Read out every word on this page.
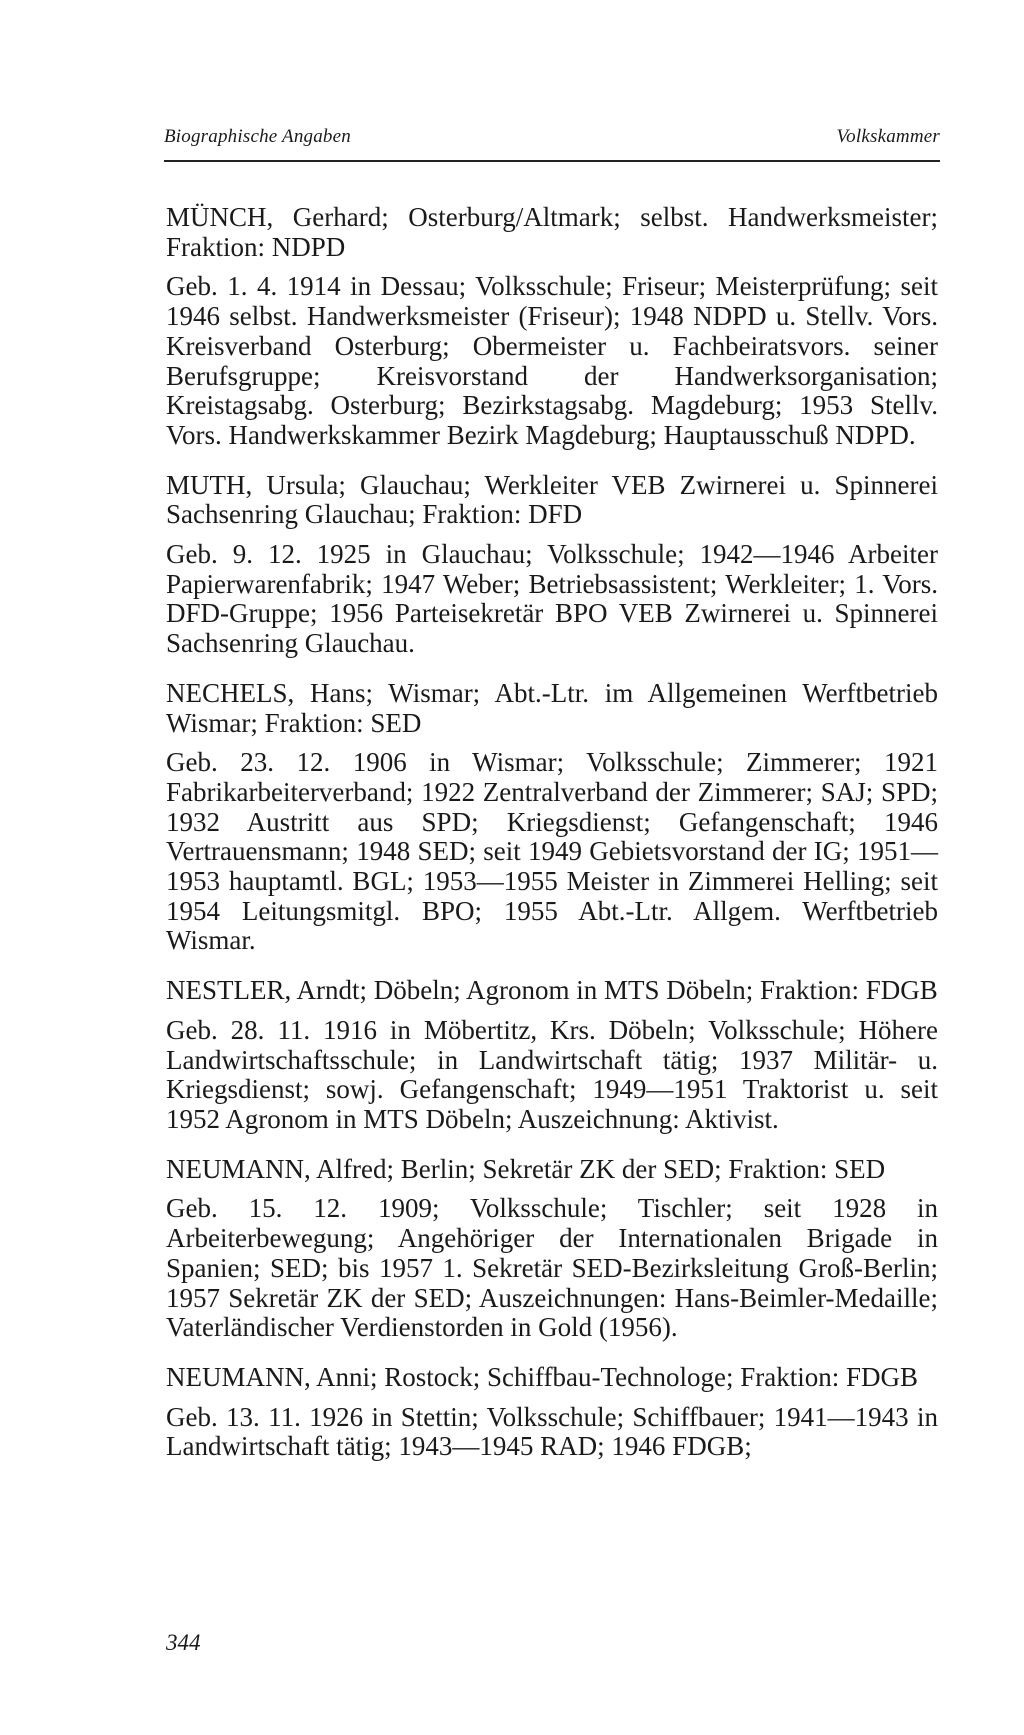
Biographische Angaben	Volkskammer
MÜNCH, Gerhard; Osterburg/Altmark; selbst. Handwerksmeister; Fraktion: NDPD
Geb. 1. 4. 1914 in Dessau; Volksschule; Friseur; Meisterprüfung; seit 1946 selbst. Handwerksmeister (Friseur); 1948 NDPD u. Stellv. Vors. Kreisverband Osterburg; Obermeister u. Fachbeiratsvors. seiner Berufsgruppe; Kreisvorstand der Handwerksorganisation; Kreistagsabg. Osterburg; Bezirkstagsabg. Magdeburg; 1953 Stellv. Vors. Handwerkskammer Bezirk Magdeburg; Hauptausschuß NDPD.
MUTH, Ursula; Glauchau; Werkleiter VEB Zwirnerei u. Spinnerei Sachsenring Glauchau; Fraktion: DFD
Geb. 9. 12. 1925 in Glauchau; Volksschule; 1942—1946 Arbeiter Papierwarenfabrik; 1947 Weber; Betriebsassistent; Werkleiter; 1. Vors. DFD-Gruppe; 1956 Parteisekretär BPO VEB Zwirnerei u. Spinnerei Sachsenring Glauchau.
NECHELS, Hans; Wismar; Abt.-Ltr. im Allgemeinen Werftbetrieb Wismar; Fraktion: SED
Geb. 23. 12. 1906 in Wismar; Volksschule; Zimmerer; 1921 Fabrikarbeiterverband; 1922 Zentralverband der Zimmerer; SAJ; SPD; 1932 Austritt aus SPD; Kriegsdienst; Gefangenschaft; 1946 Vertrauensmann; 1948 SED; seit 1949 Gebietsvorstand der IG; 1951—1953 hauptamtl. BGL; 1953—1955 Meister in Zimmerei Helling; seit 1954 Leitungsmitgl. BPO; 1955 Abt.-Ltr. Allgem. Werftbetrieb Wismar.
NESTLER, Arndt; Döbeln; Agronom in MTS Döbeln; Fraktion: FDGB
Geb. 28. 11. 1916 in Möbertitz, Krs. Döbeln; Volksschule; Höhere Landwirtschaftsschule; in Landwirtschaft tätig; 1937 Militär- u. Kriegsdienst; sowj. Gefangenschaft; 1949—1951 Traktorist u. seit 1952 Agronom in MTS Döbeln; Auszeichnung: Aktivist.
NEUMANN, Alfred; Berlin; Sekretär ZK der SED; Fraktion: SED
Geb. 15. 12. 1909; Volksschule; Tischler; seit 1928 in Arbeiterbewegung; Angehöriger der Internationalen Brigade in Spanien; SED; bis 1957 1. Sekretär SED-Bezirksleitung Groß-Berlin; 1957 Sekretär ZK der SED; Auszeichnungen: Hans-Beimler-Medaille; Vaterländischer Verdienstorden in Gold (1956).
NEUMANN, Anni; Rostock; Schiffbau-Technologe; Fraktion: FDGB
Geb. 13. 11. 1926 in Stettin; Volksschule; Schiffbauer; 1941—1943 in Landwirtschaft tätig; 1943—1945 RAD; 1946 FDGB;
344
